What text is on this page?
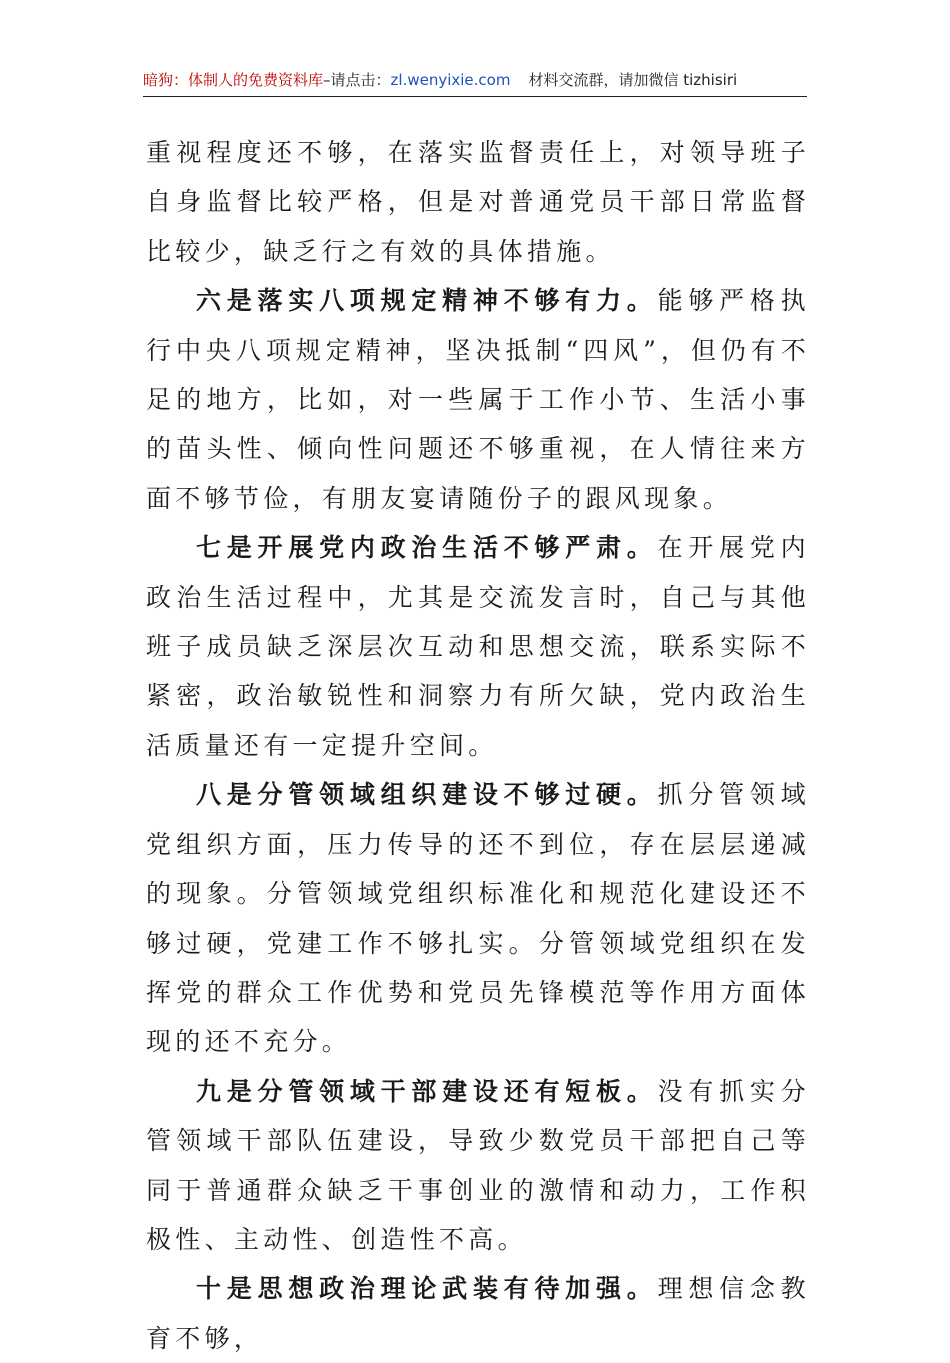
暗狗：体制人的免费资料库–请点击：zl.wenyixie.com 材料交流群，请加微信 tizhisiri

重视程度还不够，在落实监督责任上，对领导班子自身监督比较严格，但是对普通党员干部日常监督比较少，缺乏行之有效的具体措施。

六是落实八项规定精神不够有力。能够严格执行中央八项规定精神，坚决抵制“四风”，但仍有不足的地方，比如，对一些属于工作小节、生活小事的苗头性、倾向性问题还不够重视，在人情往来方面不够节俭，有朋友宴请随份子的跟风现象。

七是开展党内政治生活不够严肃。在开展党内政治生活过程中，尤其是交流发言时，自己与其他班子成员缺乏深层次互动和思想交流，联系实际不紧密，政治敏锐性和洞察力有所欠缺，党内政治生活质量还有一定提升空间。

八是分管领域组织建设不够过硬。抓分管领域党组织方面，压力传导的还不到位，存在层层递减的现象。分管领域党组织标准化和规范化建设还不够过硬，党建工作不够扎实。分管领域党组织在发挥党的群众工作优势和党员先锋模范等作用方面体现的还不充分。

九是分管领域干部建设还有短板。没有抓实分管领域干部队伍建设，导致少数党员干部把自己等同于普通群众缺乏干事创业的激情和动力，工作积极性、主动性、创造性不高。

十是思想政治理论武装有待加强。理想信念教育不够，
